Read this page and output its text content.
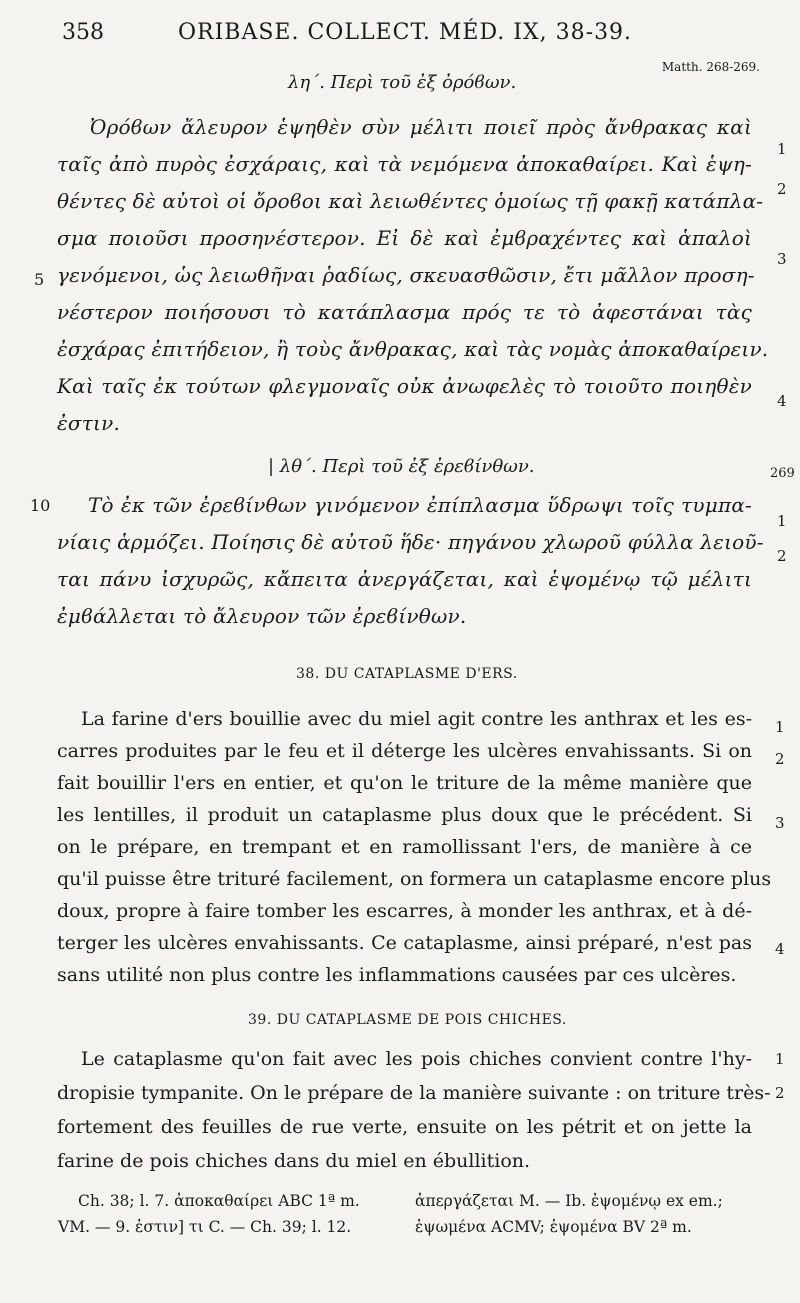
358	ORIBASE. COLLECT. MÉD. IX, 38-39.
Matth. 268-269.
λη΄. Περὶ τοῦ ἐξ ὀρόϐων.
Ὀρόϐων ἄλευρον ἑψηθὲν σὺν μέλιτι ποιεῖ πρὸς ἄνθρακας καὶ
ταῖς ἀπὸ πυρὸς ἐσχάραις, καὶ τὰ νεμόμενα ἀποκαθαίρει. Καὶ ἑψη-
θέντες δὲ αὐτοὶ οἱ ὄροϐοι καὶ λειωθέντες ὁμοίως τῇ φακῇ κατάπλα-
σμα ποιοῦσι προσηνέστερον. Εἰ δὲ καὶ ἐμϐραχέντες καὶ ἁπαλοὶ
γενόμενοι, ὡς λειωθῆναι ῥαδίως, σκευασθῶσιν, ἔτι μᾶλλον προση-
νέστερον ποιήσουσι τὸ κατάπλασμα πρός τε τὸ ἀφεστάναι τὰς
ἐσχάρας ἐπιτήδειον, ἢ τοὺς ἄνθρακας, καὶ τὰς νομὰς ἀποκαθαίρειν.
Καὶ ταῖς ἐκ τούτων φλεγμοναῖς οὐκ ἀνωφελὲς τὸ τοιοῦτο ποιηθὲν
ἐστιν.
1
2
3
4
5
| λθ΄. Περὶ τοῦ ἐξ ἐρεϐίνθων.	269
Τὸ ἐκ τῶν ἐρεϐίνθων γινόμενον ἐπίπλασμα ὕδρωψι τοῖς τυμπα-
νίαις ἁρμόζει. Ποίησις δὲ αὐτοῦ ἥδε· πηγάνου χλωροῦ φύλλα λειοῦ-
ται πάνυ ἰσχυρῶς, κἄπειτα ἀνεργάζεται, καὶ ἑψομένῳ τῷ μέλιτι
ἐμϐάλλεται τὸ ἄλευρον τῶν ἐρεϐίνθων.
10
1
2
38. DU CATAPLASME D'ERS.
La farine d'ers bouillie avec du miel agit contre les anthrax et les es-
carres produites par le feu et il déterge les ulcères envahissants. Si on
fait bouillir l'ers en entier, et qu'on le triture de la même manière que
les lentilles, il produit un cataplasme plus doux que le précédent. Si
on le prépare, en trempant et en ramollissant l'ers, de manière à ce
qu'il puisse être trituré facilement, on formera un cataplasme encore plus
doux, propre à faire tomber les escarres, à monder les anthrax, et à dé-
terger les ulcères envahissants. Ce cataplasme, ainsi préparé, n'est pas
sans utilité non plus contre les inflammations causées par ces ulcères.
1
2
3
4
39. DU CATAPLASME DE POIS CHICHES.
Le cataplasme qu'on fait avec les pois chiches convient contre l'hy-
dropisie tympanite. On le prépare de la manière suivante : on triture très-
fortement des feuilles de rue verte, ensuite on les pétrit et on jette la
farine de pois chiches dans du miel en ébullition.
1
2
Ch. 38; l. 7. ἀποκαθαίρει ABC 1ª m.	ἀπεργάζεται M. — Ib. ἑψομένῳ ex em.;
VM. — 9. ἐστιν] τι C. — Ch. 39; l. 12.	ἑψωμένα ACMV; ἑψομένα BV 2ª m.
